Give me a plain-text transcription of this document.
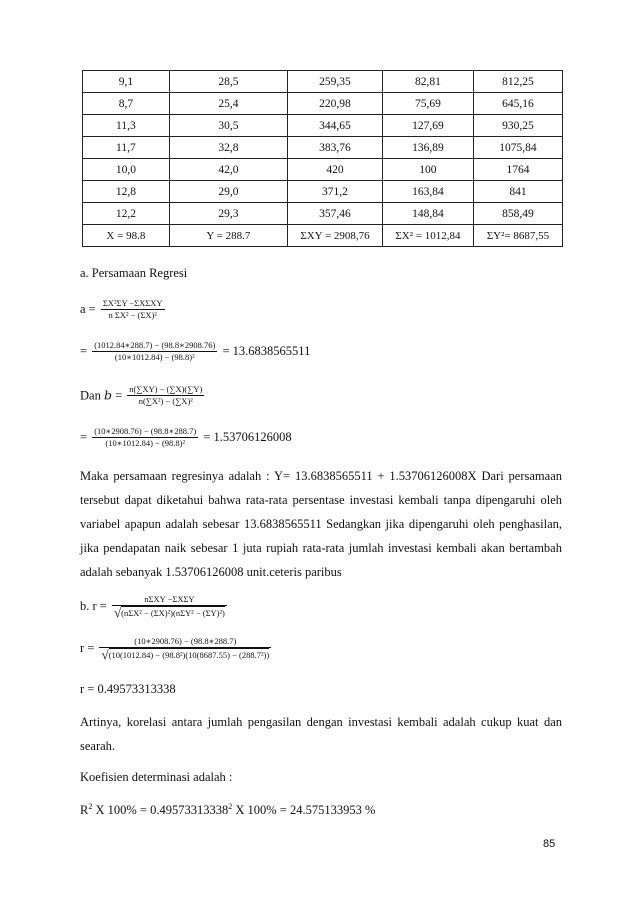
9,1	28,5	259,35	82,81	812,25
8,7	25,4	220,98	75,69	645,16
11,3	30,5	344,65	127,69	930,25
11,7	32,8	383,76	136,89	1075,84
10,0	42,0	420	100	1764
12,8	29,0	371,2	163,84	841
12,2	29,3	357,46	148,84	858,49
X = 98.8	Y = 288.7	ΣXY = 2908,76	ΣX² = 1012,84	ΣY²= 8687,55
a. Persamaan Regresi
$a = \frac{\text{ΣX²ΣY −ΣXΣXY}}{\text{n ΣX² − (ΣX)²}}$
= $\frac{(1012.84∗288.7) - (98.8∗2908.76)}{\text{(10∗1012.84) − (98.8)²}} = 13.6838565511$
Dan 𝑏 = $\frac{n(\sum XY) - (\sum X)(\sum Y)}{\text{n(∑X²) − (∑X)²}}$
= $\frac{(10∗2908.76) - (98.8∗288.7)}{\text{(10∗1012.84) − (98.8)²}} = 1.53706126008$
Maka persamaan regresinya adalah : Y= 13.6838565511 + 1.53706126008X Dari persamaan
tersebut dapat diketahui bahwa rata-rata persentase investasi kembali tanpa dipengaruhi oleh
variabel apapun adalah sebesar 13.6838565511 Sedangkan jika dipengaruhi oleh penghasilan,
jika pendapatan naik sebesar 1 juta rupiah rata-rata jumlah investasi kembali akan bertambah
adalah sebanyak 1.53706126008 unit.ceteris paribus
b. $r = \frac{\text{nΣXY −ΣXΣY}}{\text{√(nΣX² − (ΣX)²)(nΣY² − (ΣY)²)}}$
$r = \frac{(10∗2908.76) - (98.8∗288.7)}{\text{√(10(1012.84) − (98.8²)(10(8687.55) − (288.7²))}}$
r = 0.49573313338
Artinya, korelasi antara jumlah pengasilan dengan investasi kembali adalah cukup kuat dan
searah.
Koefisien determinasi adalah :
$R^2$ X $100\% = 0.49573313338^2$ X 100% = 24.575133953 %
85
